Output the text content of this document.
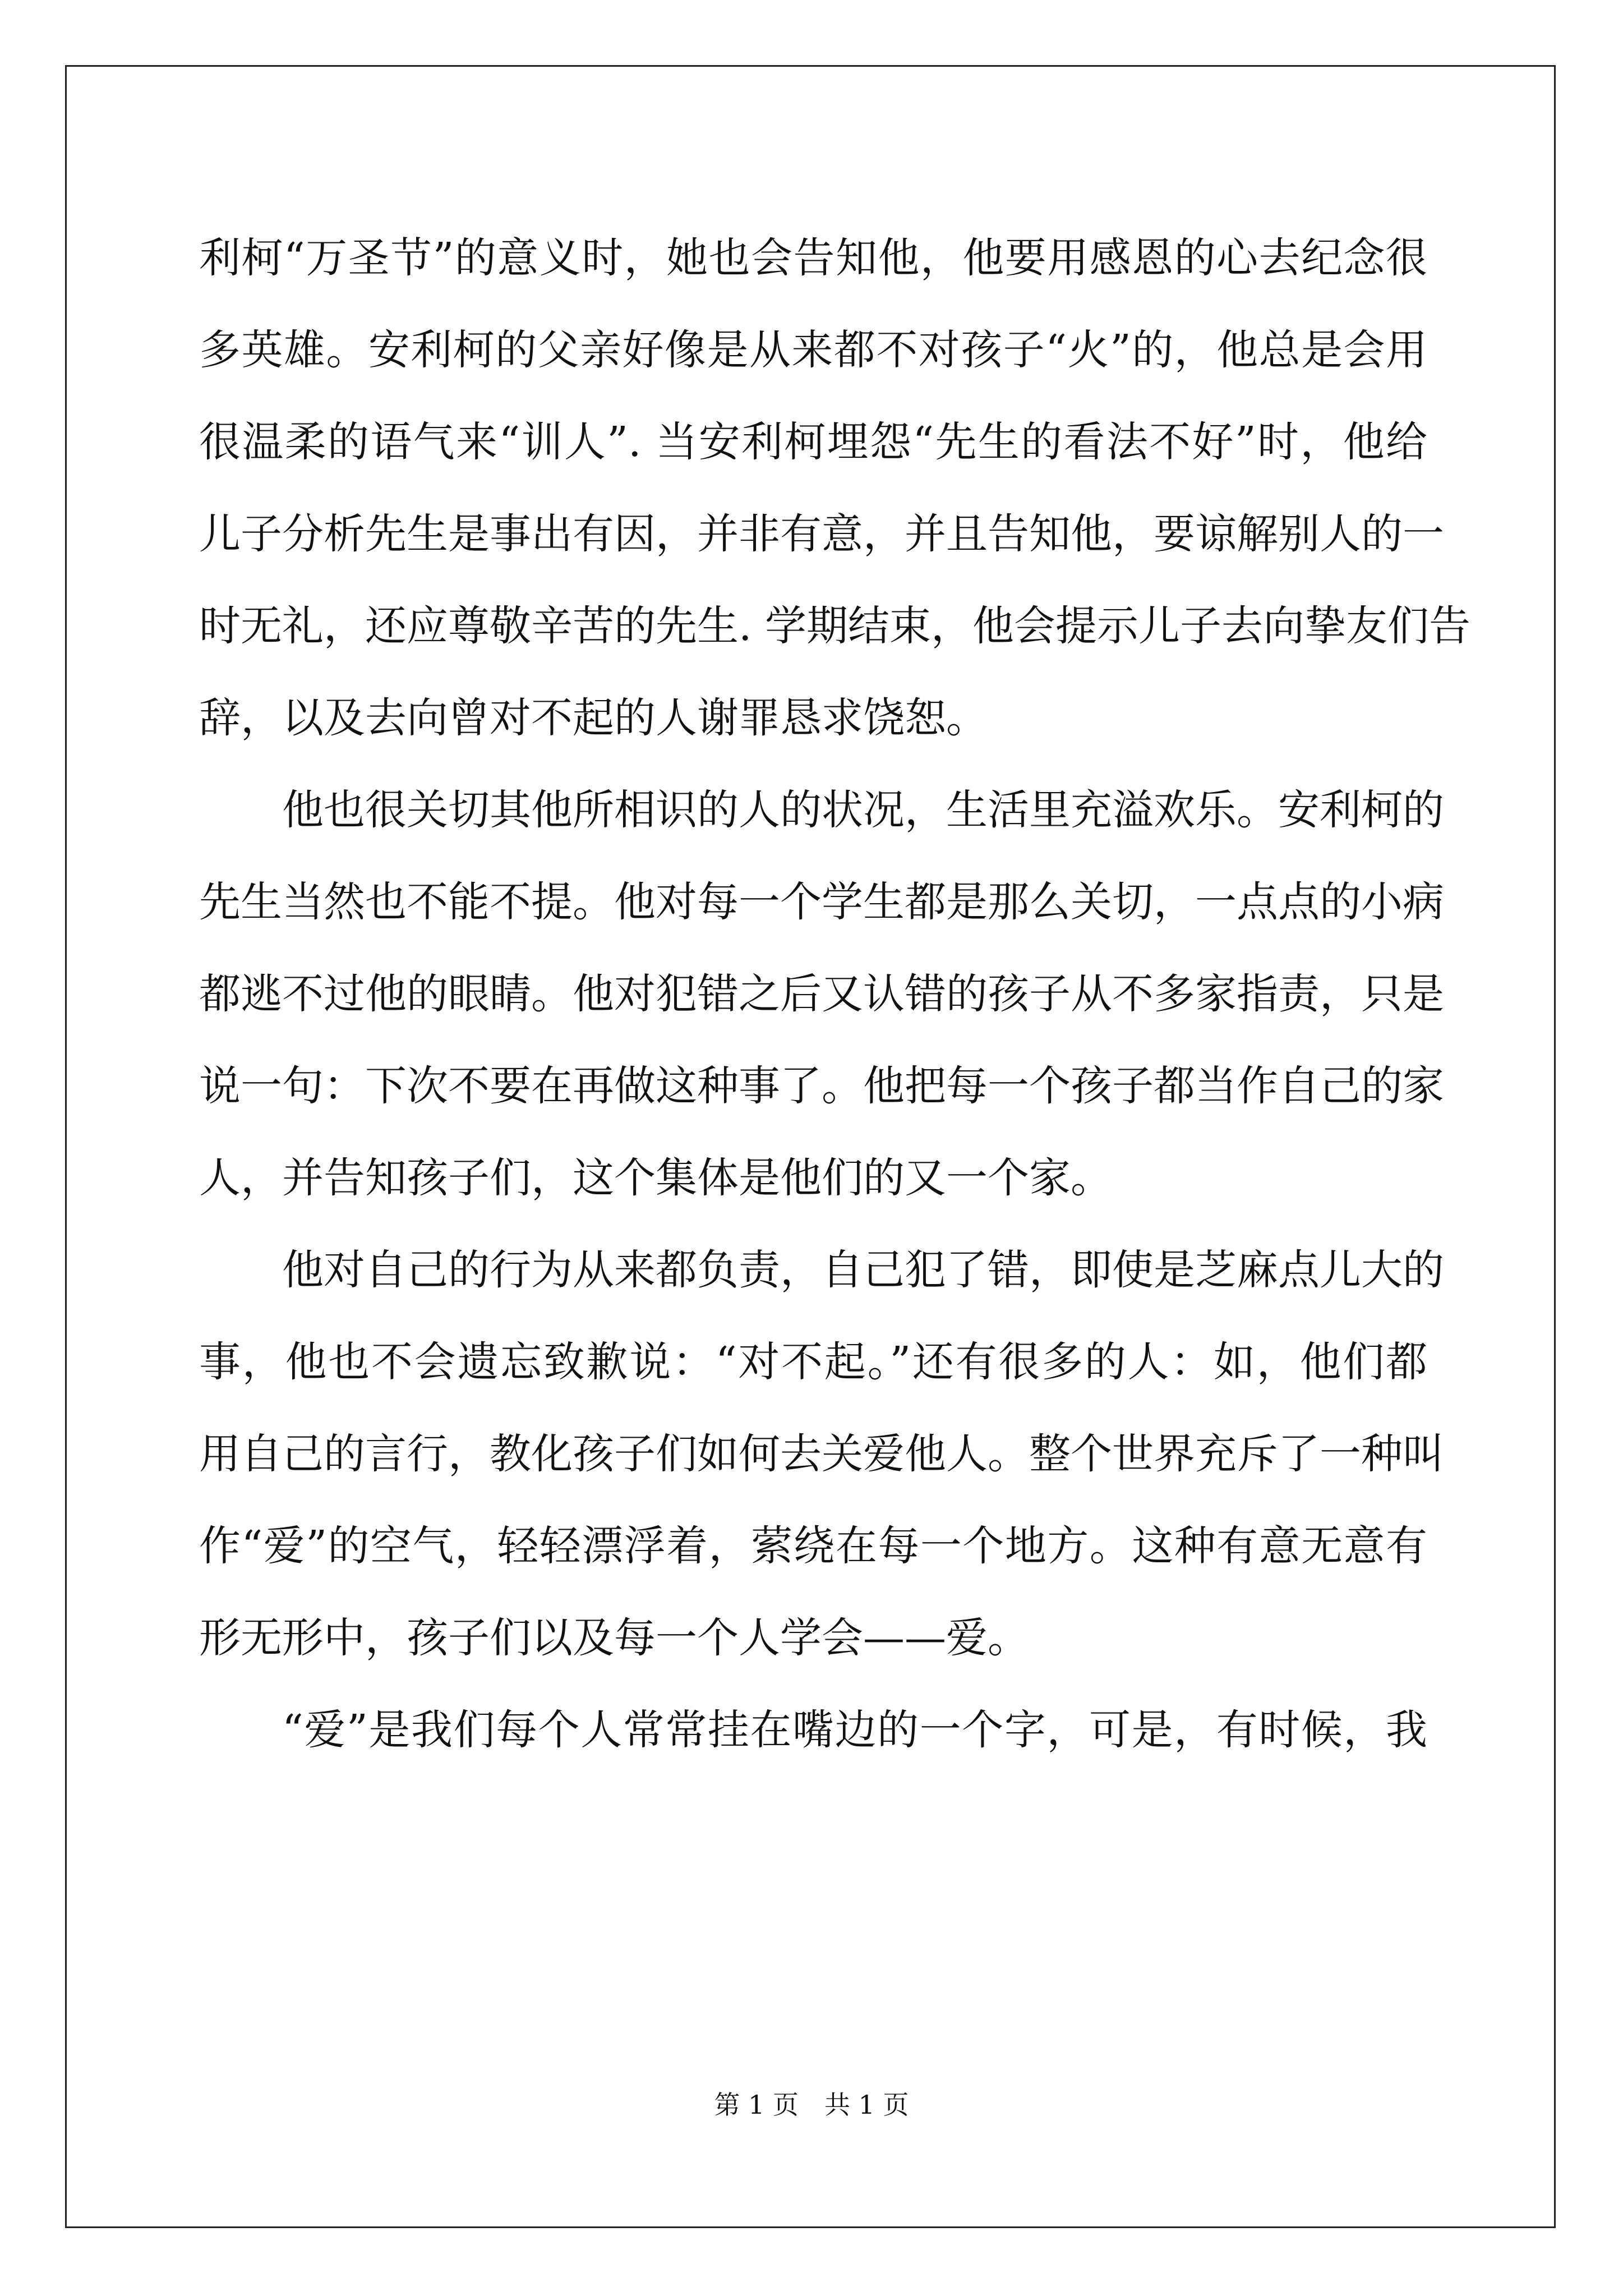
利柯“万圣节”的意义时，她也会告知他，他要用感恩的心去纪念很
多英雄。安利柯的父亲好像是从来都不对孩子“火”的，他总是会用
很温柔的语气来“训人”. 当安利柯埋怨“先生的看法不好”时，他给
儿子分析先生是事出有因，并非有意，并且告知他，要谅解别人的一
时无礼，还应尊敬辛苦的先生. 学期结束，他会提示儿子去向挚友们告
辞，以及去向曾对不起的人谢罪恳求饶恕。
他也很关切其他所相识的人的状况，生活里充溢欢乐。安利柯的
先生当然也不能不提。他对每一个学生都是那么关切，一点点的小病
都逃不过他的眼睛。他对犯错之后又认错的孩子从不多家指责，只是
说一句：下次不要在再做这种事了。他把每一个孩子都当作自己的家
人，并告知孩子们，这个集体是他们的又一个家。
他对自己的行为从来都负责，自己犯了错，即使是芝麻点儿大的
事，他也不会遗忘致歉说：“对不起。”还有很多的人：如，他们都
用自己的言行，教化孩子们如何去关爱他人。整个世界充斥了一种叫
作“爱”的空气，轻轻漂浮着，萦绕在每一个地方。这种有意无意有
形无形中，孩子们以及每一个人学会——爱。
“爱”是我们每个人常常挂在嘴边的一个字，可是，有时候，我
第 1 页　共 1 页
